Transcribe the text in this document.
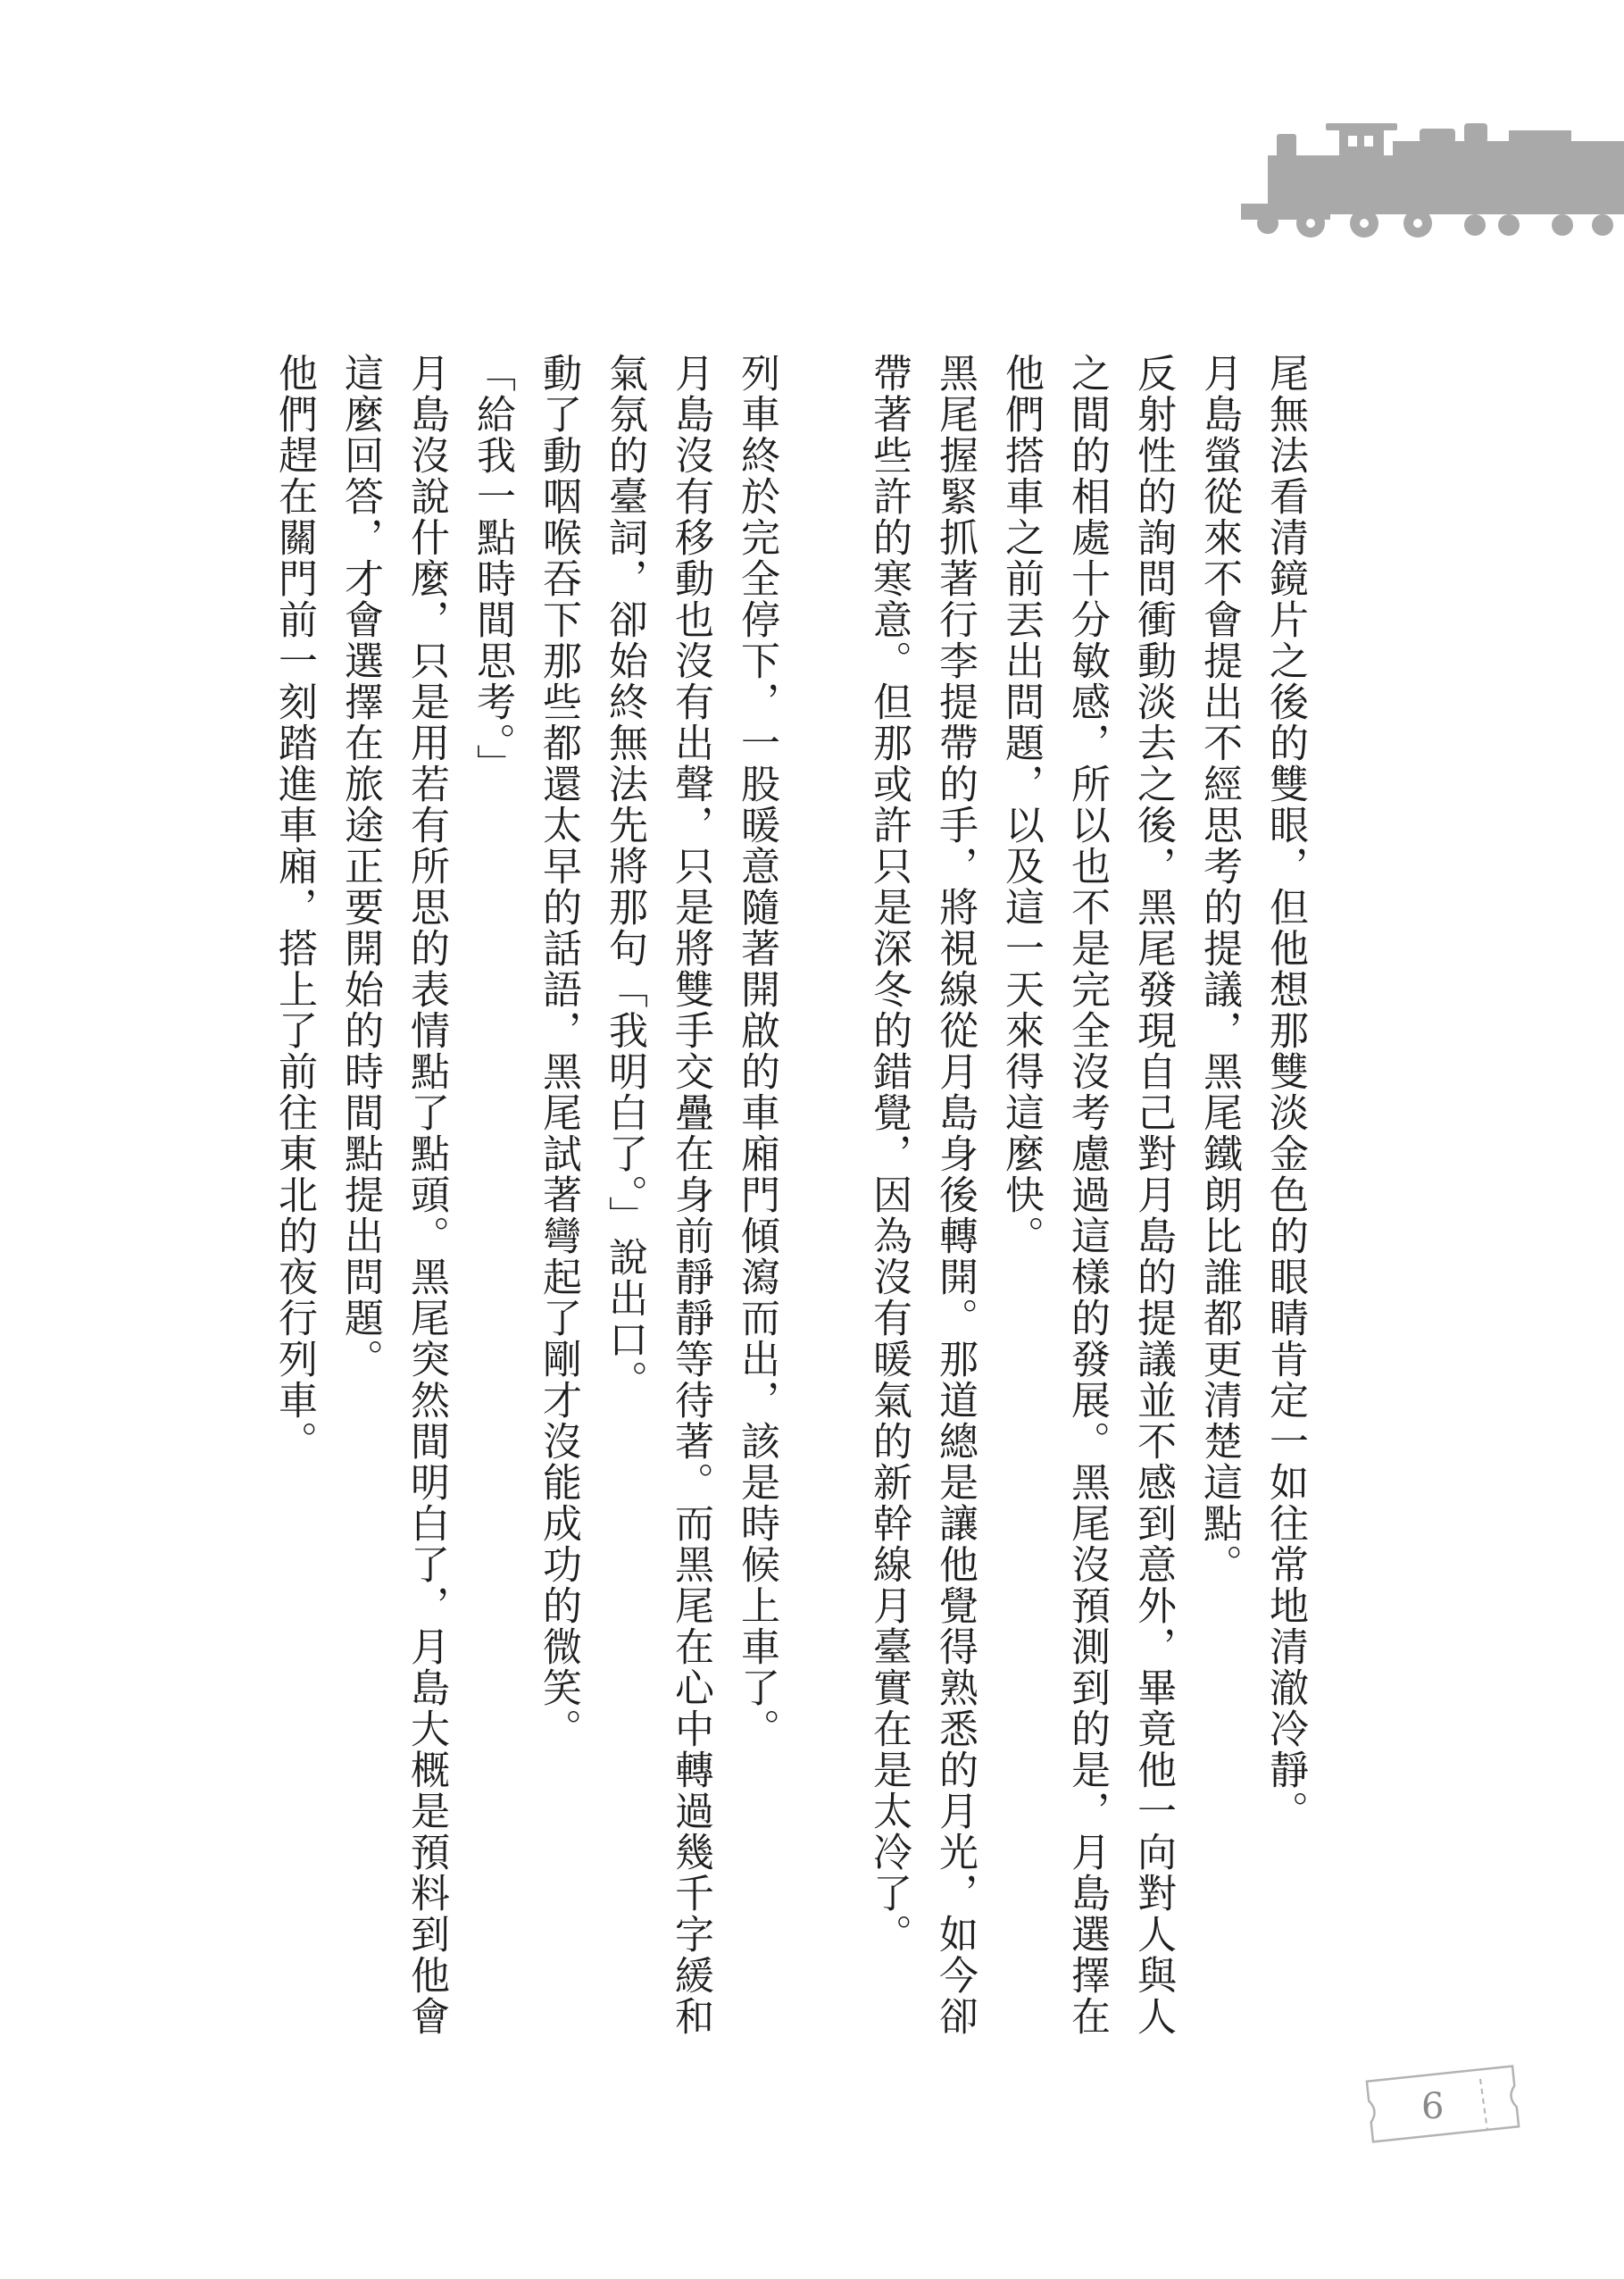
尾無法看清鏡片之後的雙眼，但他想那雙淡金色的眼睛肯定一如往常地清澈冷靜。

月島螢從來不會提出不經思考的提議，黑尾鐵朗比誰都更清楚這點。

反射性的詢問衝動淡去之後，黑尾發現自己對月島的提議並不感到意外，畢竟他一向對人與人之間的相處十分敏感，所以也不是完全沒考慮過這樣的發展。黑尾沒預測到的是，月島選擇在他們搭車之前丟出問題，以及這一天來得這麼快。

黑尾握緊抓著行李提帶的手，將視線從月島身後轉開。那道總是讓他覺得熟悉的月光，如今卻帶著些許的寒意。但那或許只是深冬的錯覺，因為沒有暖氣的新幹線月臺實在是太冷了。

列車終於完全停下，一股暖意隨著開啟的車廂門傾瀉而出，該是時候上車了。

月島沒有移動也沒有出聲，只是將雙手交疊在身前靜靜等待著。而黑尾在心中轉過幾千字緩和氣氛的臺詞，卻始終無法先將那句「我明白了。」說出口。

動了動咽喉吞下那些都還太早的話語，黑尾試著彎起了剛才沒能成功的微笑。

「給我一點時間思考。」

月島沒說什麼，只是用若有所思的表情點了點頭。黑尾突然間明白了，月島大概是預料到他會這麼回答，才會選擇在旅途正要開始的時間點提出問題。

他們趕在關門前一刻踏進車廂，搭上了前往東北的夜行列車。

6
